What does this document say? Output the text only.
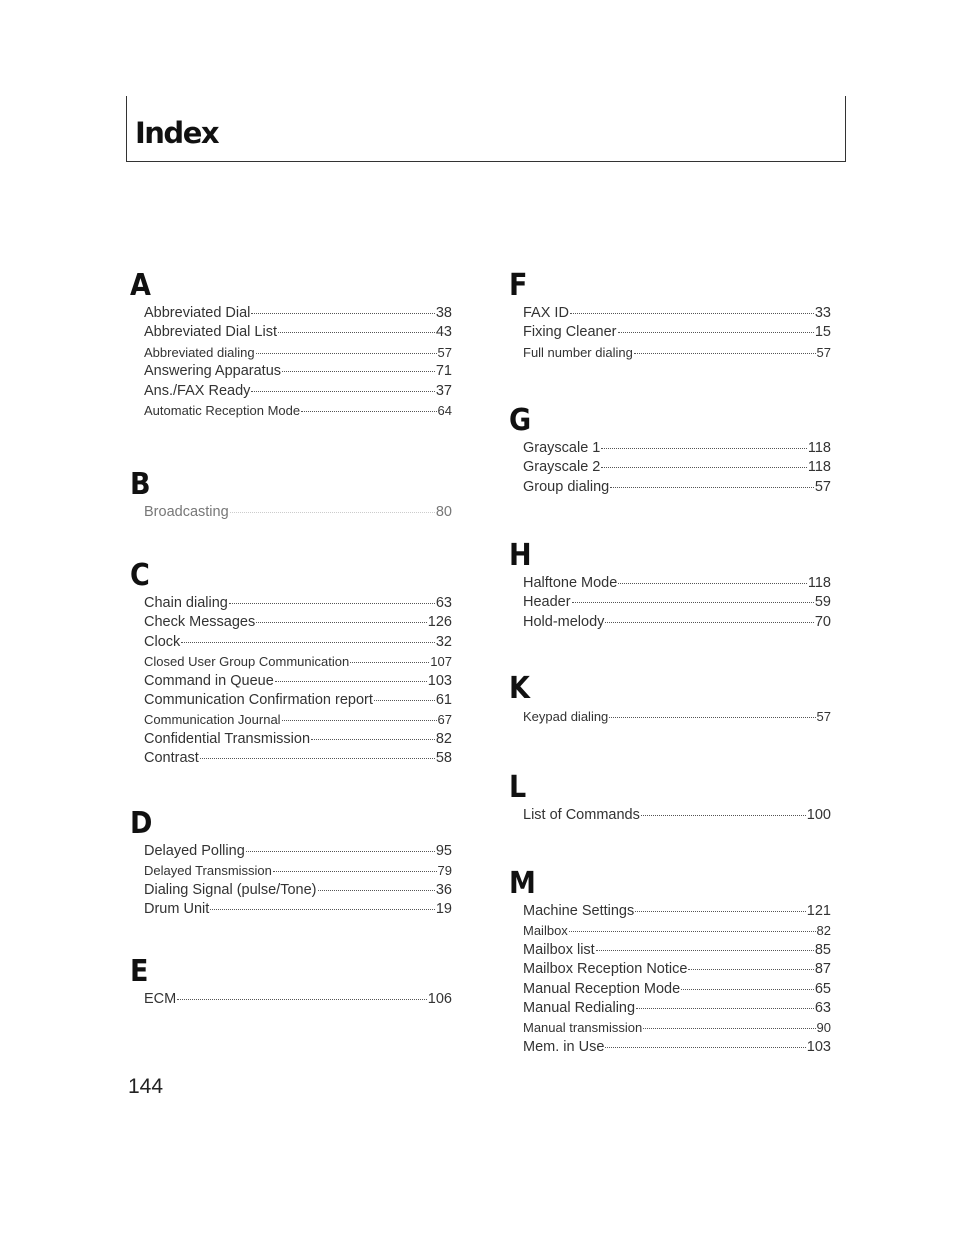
Index
A
Abbreviated Dial	38
Abbreviated Dial List	43
Abbreviated dialing	57
Answering Apparatus	71
Ans./FAX Ready	37
Automatic Reception Mode	64
B
Broadcasting	80
C
Chain dialing	63
Check Messages	126
Clock	32
Closed User Group Communication	107
Command in Queue	103
Communication Confirmation report	61
Communication Journal	67
Confidential Transmission	82
Contrast	58
D
Delayed Polling	95
Delayed Transmission	79
Dialing Signal (pulse/Tone)	36
Drum Unit	19
E
ECM	106
F
FAX ID	33
Fixing Cleaner	15
Full number dialing	57
G
Grayscale 1	118
Grayscale 2	118
Group dialing	57
H
Halftone Mode	118
Header	59
Hold-melody	70
K
Keypad dialing	57
L
List of Commands	100
M
Machine Settings	121
Mailbox	82
Mailbox list	85
Mailbox Reception Notice	87
Manual Reception Mode	65
Manual Redialing	63
Manual transmission	90
Mem. in Use	103

144
